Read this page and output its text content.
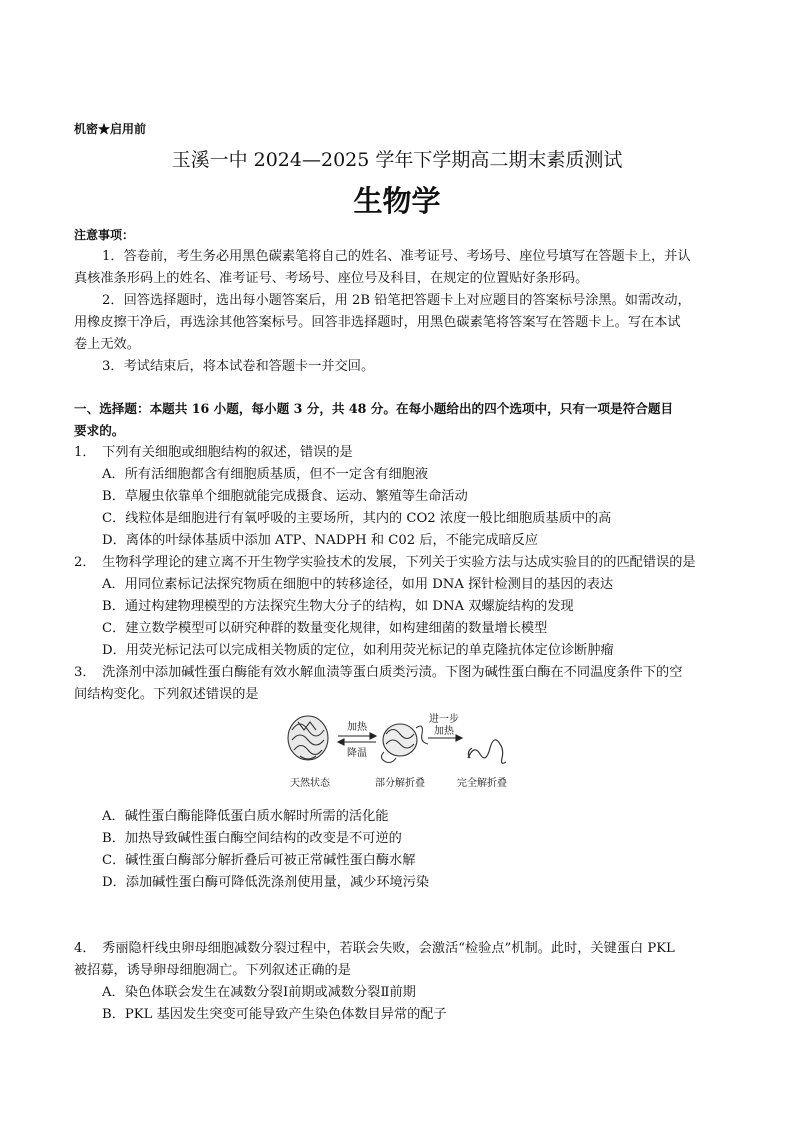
机密★启用前
玉溪一中 2024—2025 学年下学期高二期末素质测试
生物学
注意事项：
1．答卷前，考生务必用黑色碳素笔将自己的姓名、准考证号、考场号、座位号填写在答题卡上，并认
真核准条形码上的姓名、准考证号、考场号、座位号及科目，在规定的位置贴好条形码。
2．回答选择题时，选出每小题答案后，用 2B 铅笔把答题卡上对应题目的答案标号涂黑。如需改动，
用橡皮擦干净后，再选涂其他答案标号。回答非选择题时，用黑色碳素笔将答案写在答题卡上。写在本试
卷上无效。
3．考试结束后，将本试卷和答题卡一并交回。
一、选择题：本题共 16 小题，每小题 3 分，共 48 分。在每小题给出的四个选项中，只有一项是符合题目
要求的。
1．　下列有关细胞或细胞结构的叙述，错误的是
A．所有活细胞都含有细胞质基质，但不一定含有细胞液
B．草履虫依靠单个细胞就能完成摄食、运动、繁殖等生命活动
C．线粒体是细胞进行有氧呼吸的主要场所，其内的 CO2 浓度一般比细胞质基质中的高
D．离体的叶绿体基质中添加 ATP、NADPH 和 C02 后，不能完成暗反应
2．　生物科学理论的建立离不开生物学实验技术的发展，下列关于实验方法与达成实验目的的匹配错误的是
A．用同位素标记法探究物质在细胞中的转移途径，如用 DNA 探针检测目的基因的表达
B．通过构建物理模型的方法探究生物大分子的结构，如 DNA 双螺旋结构的发现
C．建立数学模型可以研究种群的数量变化规律，如构建细菌的数量增长模型
D．用荧光标记法可以完成相关物质的定位，如利用荧光标记的单克隆抗体定位诊断肿瘤
3．　洗涤剂中添加碱性蛋白酶能有效水解血渍等蛋白质类污渍。下图为碱性蛋白酶在不同温度条件下的空
间结构变化。下列叙述错误的是
加热
降温
进一步
加热
天然状态	部分解折叠	完全解折叠
A．碱性蛋白酶能降低蛋白质水解时所需的活化能
B．加热导致碱性蛋白酶空间结构的改变是不可逆的
C．碱性蛋白酶部分解折叠后可被正常碱性蛋白酶水解
D．添加碱性蛋白酶可降低洗涤剂使用量，减少环境污染
4．　秀丽隐杆线虫卵母细胞减数分裂过程中，若联会失败，会激活“检验点”机制。此时，关键蛋白 PKL
被招募，诱导卵母细胞凋亡。下列叙述正确的是
A．染色体联会发生在减数分裂Ⅰ前期或减数分裂Ⅱ前期
B．PKL 基因发生突变可能导致产生染色体数目异常的配子
